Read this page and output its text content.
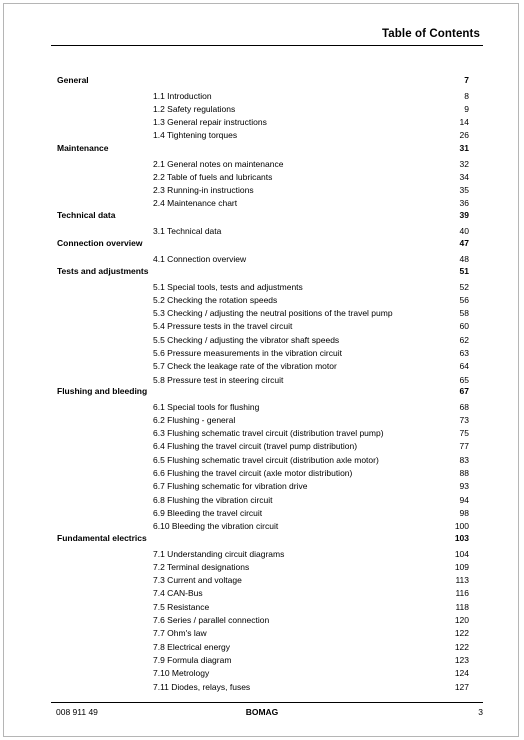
Table of Contents
General	7
1.1 Introduction	8
1.2 Safety regulations	9
1.3 General repair instructions	14
1.4 Tightening torques	26
Maintenance	31
2.1 General notes on maintenance	32
2.2 Table of fuels and lubricants	34
2.3 Running-in instructions	35
2.4 Maintenance chart	36
Technical data	39
3.1 Technical data	40
Connection overview	47
4.1 Connection overview	48
Tests and adjustments	51
5.1 Special tools, tests and adjustments	52
5.2 Checking the rotation speeds	56
5.3 Checking / adjusting the neutral positions of the travel pump	58
5.4 Pressure tests in the travel circuit	60
5.5 Checking / adjusting the vibrator shaft speeds	62
5.6 Pressure measurements in the vibration circuit	63
5.7 Check the leakage rate of the vibration motor	64
5.8 Pressure test in steering circuit	65
Flushing and bleeding	67
6.1 Special tools for flushing	68
6.2 Flushing - general	73
6.3 Flushing schematic travel circuit (distribution travel pump)	75
6.4 Flushing the travel circuit (travel pump distribution)	77
6.5 Flushing schematic travel circuit (distribution axle motor)	83
6.6 Flushing the travel circuit (axle motor distribution)	88
6.7 Flushing schematic for vibration drive	93
6.8 Flushing the vibration circuit	94
6.9 Bleeding the travel circuit	98
6.10 Bleeding the vibration circuit	100
Fundamental electrics	103
7.1 Understanding circuit diagrams	104
7.2 Terminal designations	109
7.3 Current and voltage	113
7.4 CAN-Bus	116
7.5 Resistance	118
7.6 Series / parallel connection	120
7.7 Ohm's law	122
7.8 Electrical energy	122
7.9 Formula diagram	123
7.10 Metrology	124
7.11 Diodes, relays, fuses	127
008 911 49	BOMAG	3
